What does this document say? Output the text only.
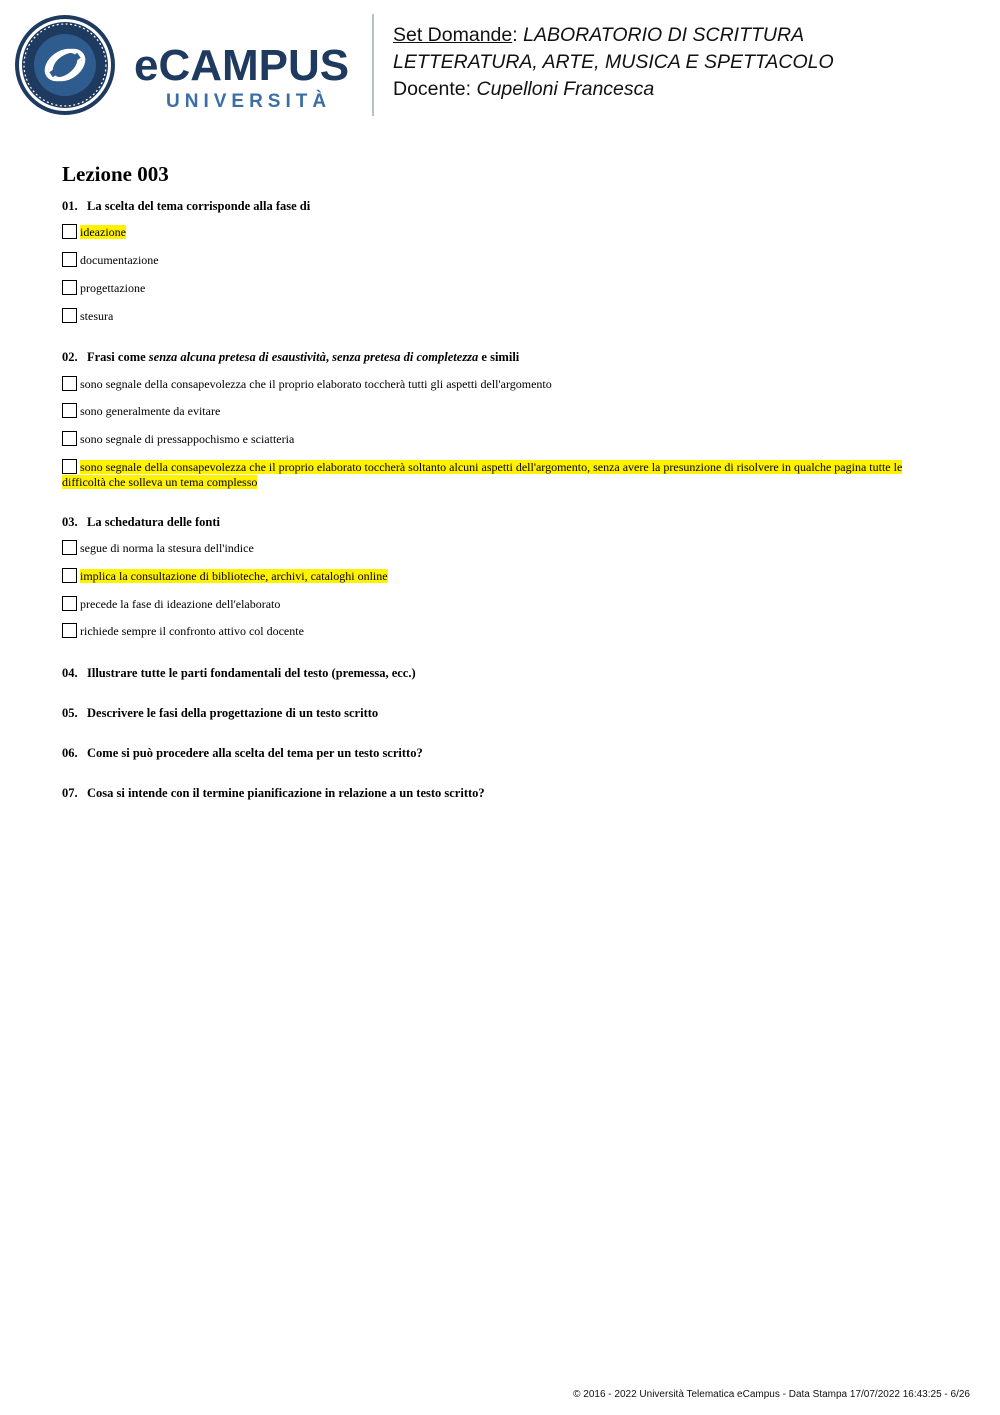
eCAMPUS
UNIVERSITÀ
Set Domande: LABORATORIO DI SCRITTURA
LETTERATURA, ARTE, MUSICA E SPETTACOLO
Docente: Cupelloni Francesca
Lezione 003
01. La scelta del tema corrisponde alla fase di
ideazione
documentazione
progettazione
stesura
02. Frasi come senza alcuna pretesa di esaustività, senza pretesa di completezza e simili
sono segnale della consapevolezza che il proprio elaborato toccherà tutti gli aspetti dell'argomento
sono generalmente da evitare
sono segnale di pressappochismo e sciatteria
sono segnale della consapevolezza che il proprio elaborato toccherà soltanto alcuni aspetti dell'argomento, senza avere la presunzione di risolvere in qualche pagina tutte le difficoltà che solleva un tema complesso
03. La schedatura delle fonti
segue di norma la stesura dell'indice
implica la consultazione di biblioteche, archivi, cataloghi online
precede la fase di ideazione dell'elaborato
richiede sempre il confronto attivo col docente
04. Illustrare tutte le parti fondamentali del testo (premessa, ecc.)
05. Descrivere le fasi della progettazione di un testo scritto
06. Come si può procedere alla scelta del tema per un testo scritto?
07. Cosa si intende con il termine pianificazione in relazione a un testo scritto?
© 2016 - 2022 Università Telematica eCampus - Data Stampa 17/07/2022 16:43:25 - 6/26
